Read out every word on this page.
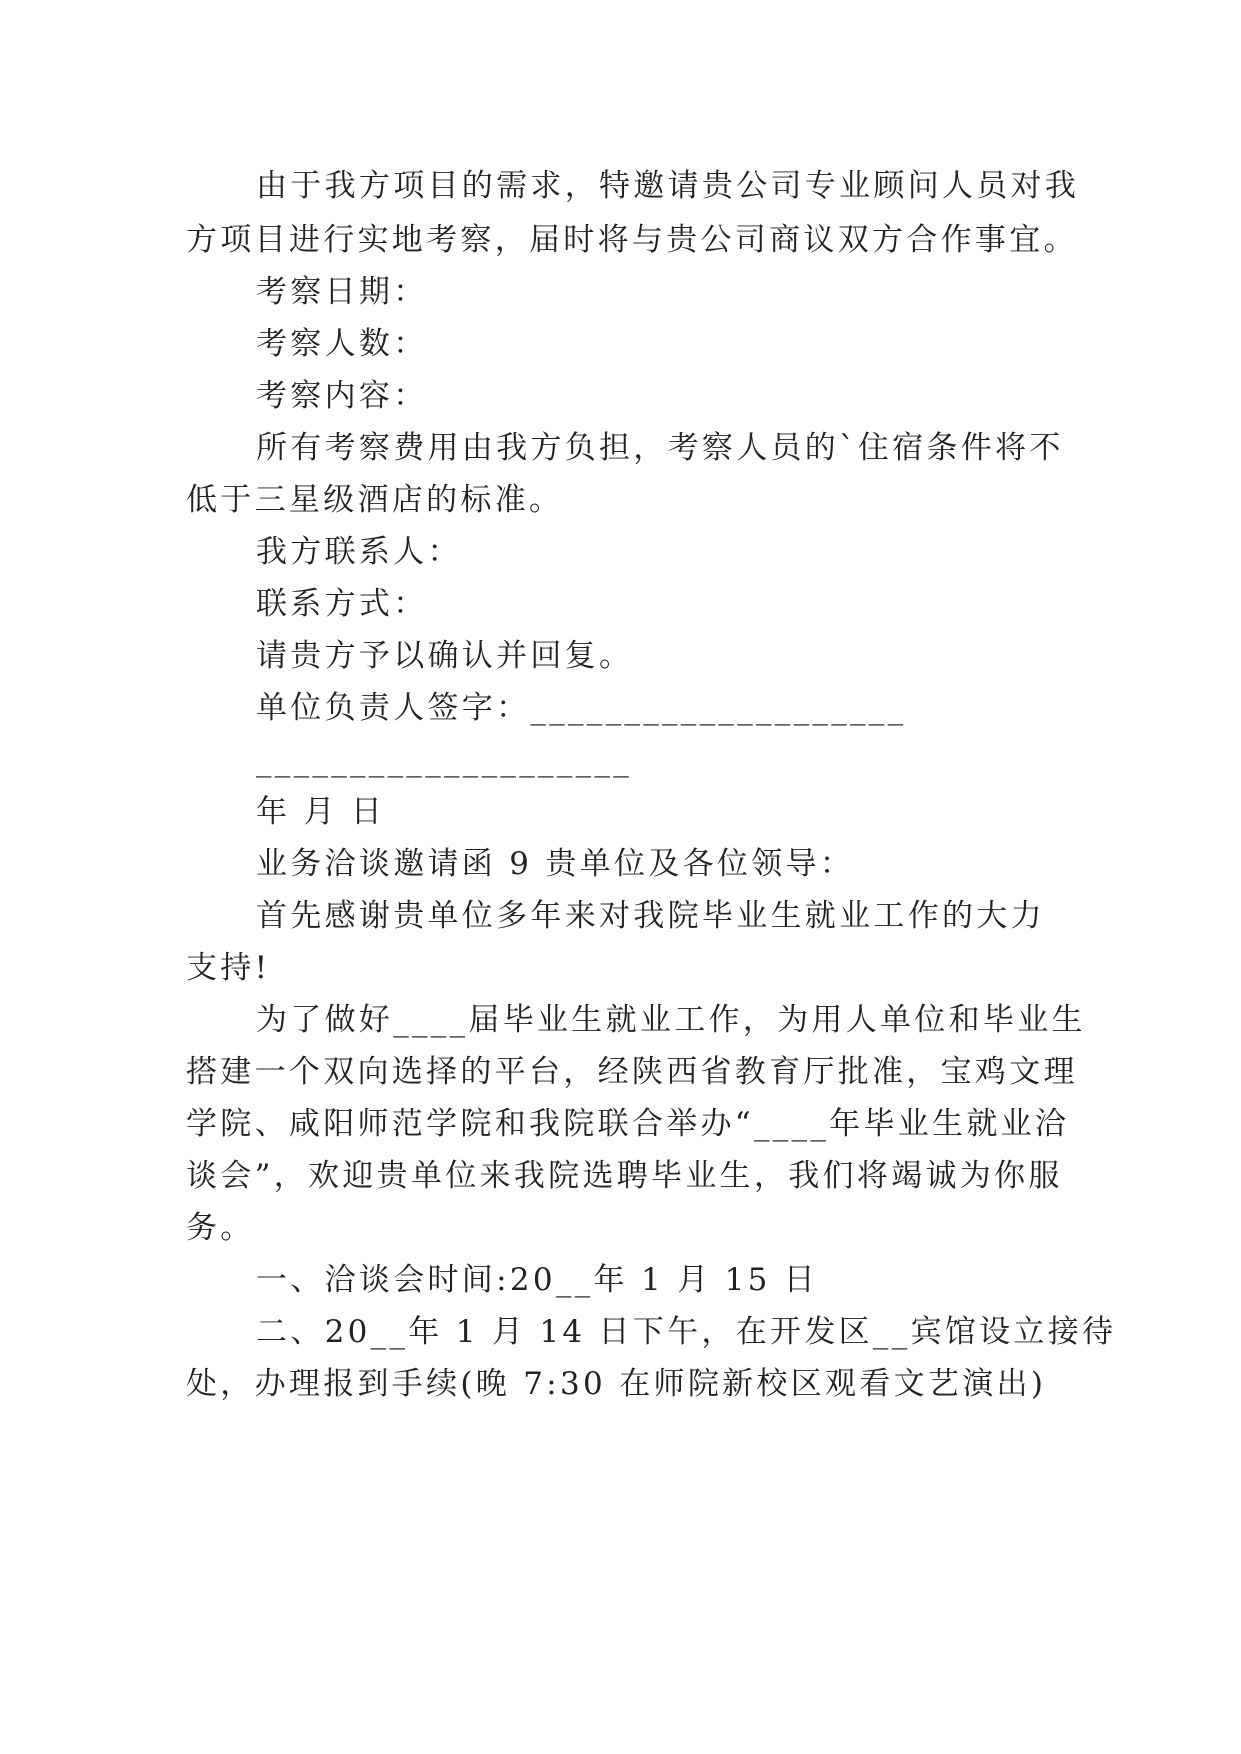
由于我方项目的需求，特邀请贵公司专业顾问人员对我
方项目进行实地考察，届时将与贵公司商议双方合作事宜。
考察日期：
考察人数：
考察内容：
所有考察费用由我方负担，考察人员的`住宿条件将不
低于三星级酒店的标准。
我方联系人：
联系方式：
请贵方予以确认并回复。
单位负责人签字：____________________
____________________
年 月 日
业务洽谈邀请函 9 贵单位及各位领导：
首先感谢贵单位多年来对我院毕业生就业工作的大力
支持!
为了做好____届毕业生就业工作，为用人单位和毕业生
搭建一个双向选择的平台，经陕西省教育厅批准，宝鸡文理
学院、咸阳师范学院和我院联合举办“____年毕业生就业洽
谈会”，欢迎贵单位来我院选聘毕业生，我们将竭诚为你服
务。
一、洽谈会时间:20__年 1 月 15 日
二、20__年 1 月 14 日下午，在开发区__宾馆设立接待
处，办理报到手续(晚 7:30 在师院新校区观看文艺演出)
